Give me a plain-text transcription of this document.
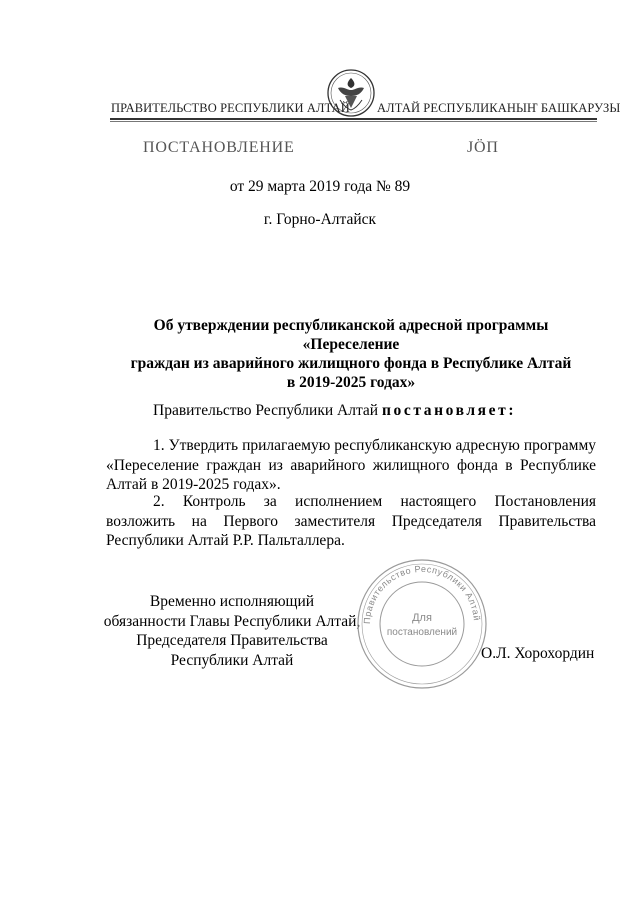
ПРАВИТЕЛЬСТВО РЕСПУБЛИКИ АЛТАЙ АЛТАЙ РЕСПУБЛИКАНЫҤ БАШКАРУЗЫ
ПОСТАНОВЛЕНИЕ	ЈӦП
от 29 марта 2019 года № 89
г. Горно-Алтайск
Об утверждении республиканской адресной программы «Переселение
граждан из аварийного жилищного фонда в Республике Алтай
в 2019-2025 годах»
Правительство Республики Алтай постановляет:
1. Утвердить прилагаемую республиканскую адресную программу «Переселение граждан из аварийного жилищного фонда в Республике Алтай в 2019-2025 годах».
2. Контроль за исполнением настоящего Постановления возложить на Первого заместителя Председателя Правительства Республики Алтай Р.Р. Пальталлера.
Временно исполняющий
обязанности Главы Республики Алтай,
Председателя Правительства
Республики Алтай
Правительство Республики Алтай
Для
постановлений
О.Л. Хорохордин
